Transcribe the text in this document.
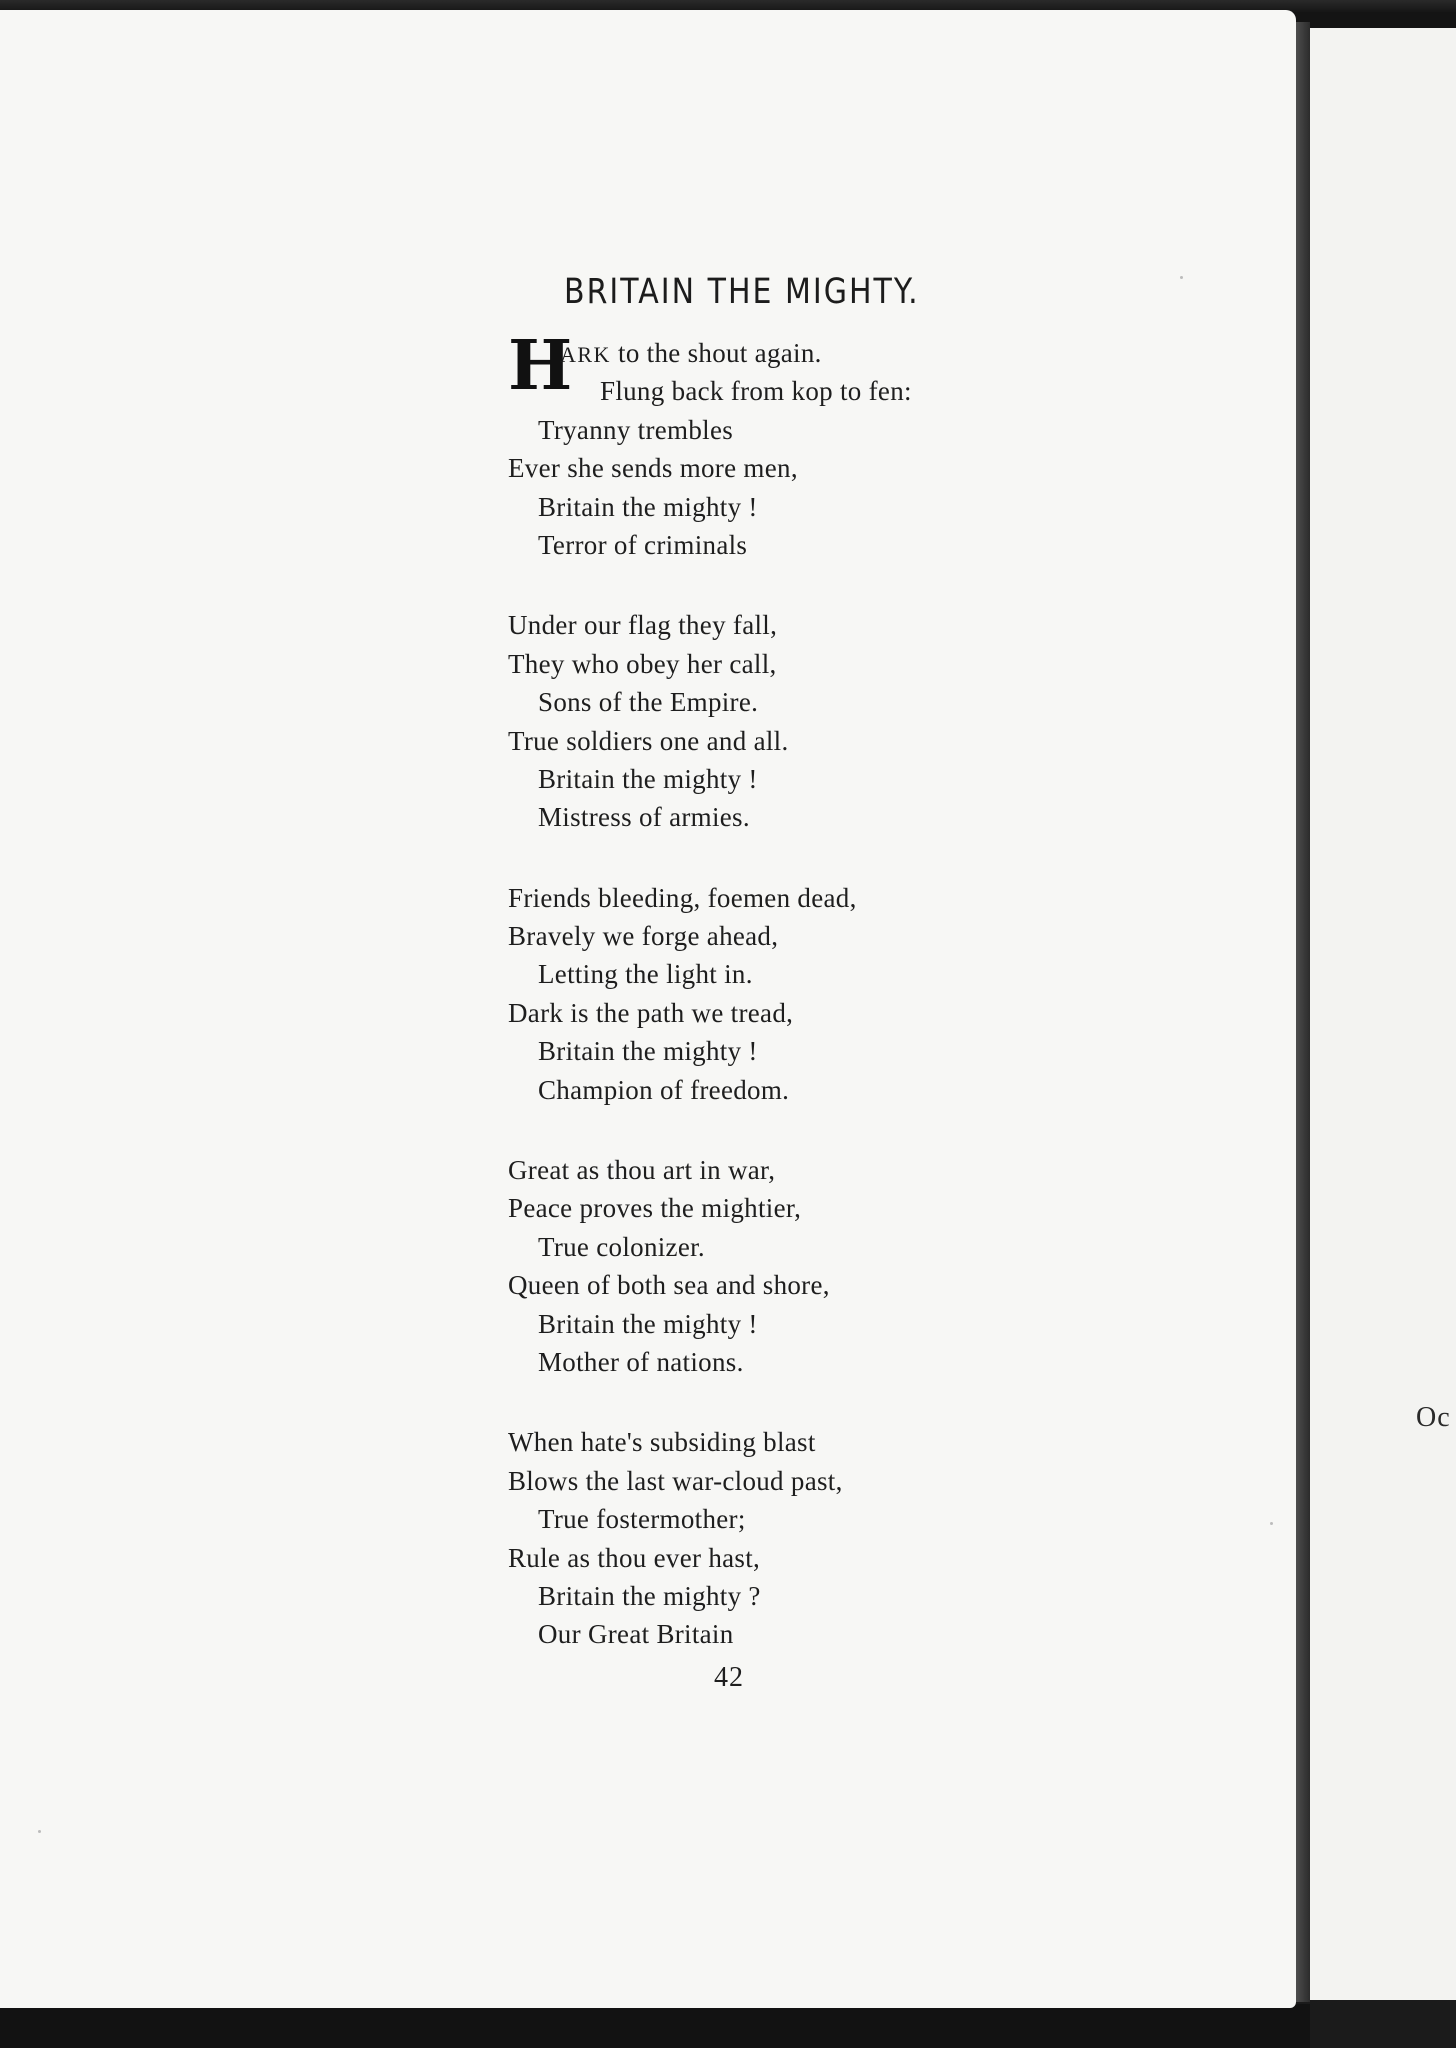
Oc
BRITAIN THE MIGHTY.
H
ARK to the shout again.
Flung back from kop to fen:
Tryanny trembles
Ever she sends more men,
Britain the mighty !
Terror of criminals
Under our flag they fall,
They who obey her call,
Sons of the Empire.
True soldiers one and all.
Britain the mighty !
Mistress of armies.
Friends bleeding, foemen dead,
Bravely we forge ahead,
Letting the light in.
Dark is the path we tread,
Britain the mighty !
Champion of freedom.
Great as thou art in war,
Peace proves the mightier,
True colonizer.
Queen of both sea and shore,
Britain the mighty !
Mother of nations.
When hate's subsiding blast
Blows the last war-cloud past,
True fostermother;
Rule as thou ever hast,
Britain the mighty ?
Our Great Britain
42
